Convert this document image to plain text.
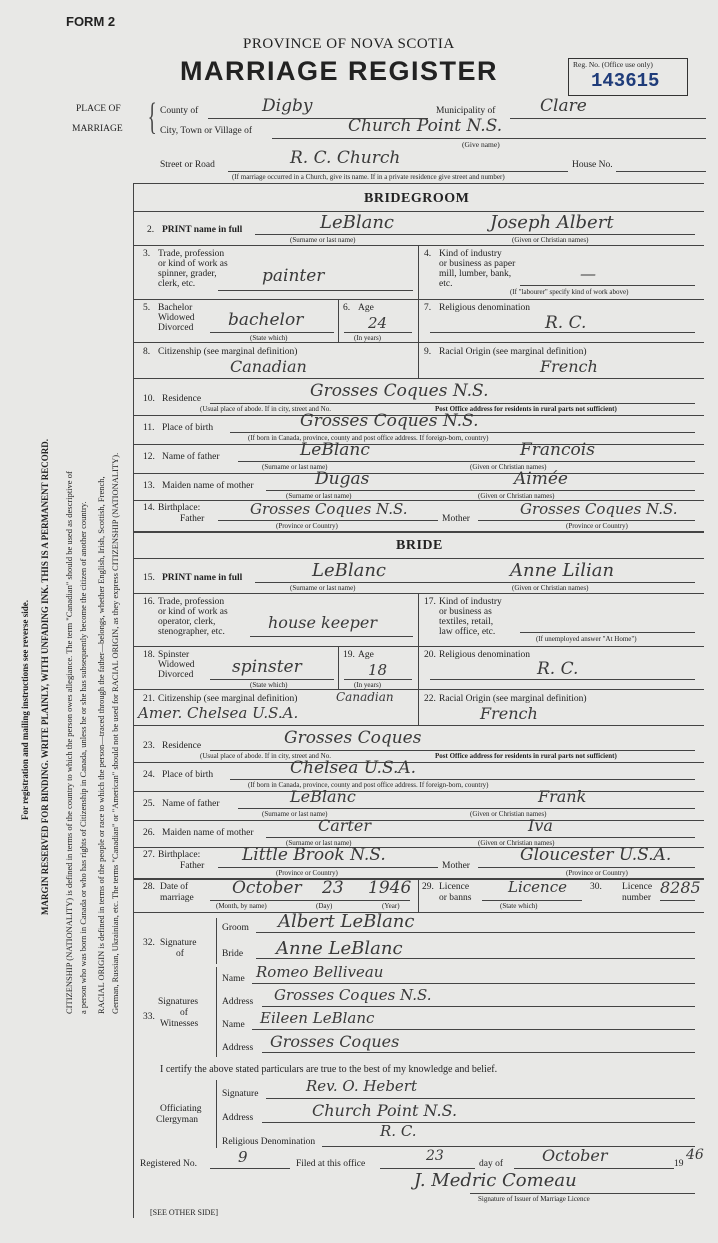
FORM 2
PROVINCE OF NOVA SCOTIA
MARRIAGE REGISTER	Reg. No. (Office use only)
143615
PLACE OF
MARRIAGE { County of	Digby	Municipality of	Clare
City, Town or Village of	Church Point N.S.
(Give name)
Street or Road	R. C. Church	House No.
(If marriage occurred in a Church, give its name. If in a private residence give street and number)
For registration and mailing instructions see reverse side. MARGIN RESERVED FOR BINDING. WRITE PLAINLY, WITH UNFADING INK. THIS IS A PERMANENT RECORD. CITIZENSHIP (NATIONALITY) is defined in terms of the country to which the person owes allegiance. The term "Canadian" should be used as descriptive of a person who was born in Canada or who has rights of Citizenship in Canada, unless he or she has subsequently become the citizen of another country. RACIAL ORIGIN is defined in terms of the people or race to which the person—traced through the father—belongs, whether English, Irish, Scottish, French, German, Russian, Ukrainian, etc. The terms "Canadian" or "American" should not be used for RACIAL ORIGIN, as they express CITIZENSHIP (NATIONALITY).
BRIDEGROOM
2. PRINT name in full	LeBlanc	Joseph Albert
(Surname or last name)	(Given or Christian names)
3. Trade, profession
or kind of work as
spinner, grader,
clerk, etc.	painter
4. Kind of industry
or business as paper
mill, lumber, bank,
etc.
—
(If "labourer" specify kind of work above)
5. Bachelor
Widowed
Divorced bachelor
(State which)
6. Age
24
(In years)
7. Religious denomination
R. C.
8. Citizenship (see marginal definition)
Canadian
9. Racial Origin (see marginal definition)
French
10. Residence	Grosses Coques N.S.
(Usual place of abode. If in city, street and No.	Post Office address for residents in rural parts not sufficient)
11. Place of birth	Grosses Coques N.S.
(If born in Canada, province, county and post office address. If foreign-born, country)
12. Name of father	LeBlanc	Francois
(Surname or last name)	(Given or Christian names)
13. Maiden name of mother	Dugas	Aimée
(Surname or last name)	(Given or Christian names)
14. Birthplace:
Father
Grosses Coques N.S.
(Province or Country)
Mother
Grosses Coques N.S.
(Province or Country)
BRIDE
15. PRINT name in full	LeBlanc	Anne Lilian
(Surname or last name)	(Given or Christian names)
16. Trade, profession
or kind of work as
operator, clerk,
stenographer, etc.	house keeper
17. Kind of industry
or business as
textiles, retail,
law office, etc.
(If unemployed answer "At Home")
18. Spinster
Widowed
Divorced spinster
(State which)
19. Age
18
(In years)
20. Religious denomination
R. C.
21. Citizenship (see marginal definition)	Canadian
Amer. Chelsea U.S.A.
22. Racial Origin (see marginal definition)
French
23. Residence	Grosses Coques
(Usual place of abode. If in city, street and No.	Post Office address for residents in rural parts not sufficient)
24. Place of birth	Chelsea U.S.A.
(If born in Canada, province, county and post office address. If foreign-born, country)
25. Name of father	LeBlanc	Frank
(Surname or last name)	(Given or Christian names)
26. Maiden name of mother	Carter	Iva
(Surname or last name)	(Given or Christian names)
27. Birthplace:
Father
Little Brook N.S.
(Province or Country)
Mother
Gloucester U.S.A.
(Province or Country)
28. Date of
marriage October 23 1946
(Month, by name)	(Day)	(Year)
29. Licence
or banns
Licence
(State which)
30. Licence
number
8285
32. Signature
of
Groom Albert LeBlanc
Bride Anne LeBlanc
33.
Signatures
of
Witnesses
Name Romeo Belliveau
Address Grosses Coques N.S.
Name Eileen LeBlanc
Address Grosses Coques
I certify the above stated particulars are true to the best of my knowledge and belief.
Officiating
Clergyman
Signature	Rev. O. Hebert
Address	Church Point N.S.
Religious Denomination
R. C.
Registered No.	9	Filed at this office	23	day of October	19
46
J. Medric Comeau
Signature of Issuer of Marriage Licence
[SEE OTHER SIDE]
